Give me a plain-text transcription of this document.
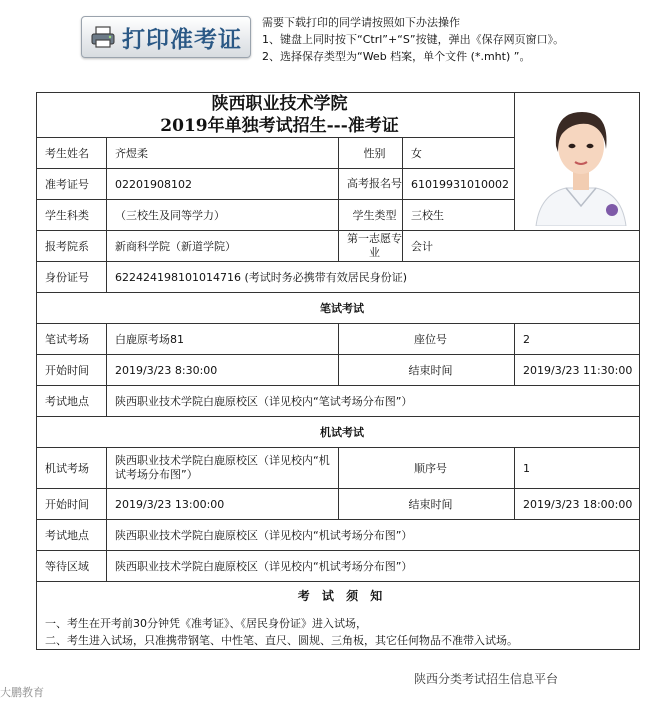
打印准考证
需要下载打印的同学请按照如下办法操作
1、键盘上同时按下“Ctrl”+“S”按键，弹出《保存网页窗口》。
2、选择保存类型为“Web 档案，单个文件 (*.mht) ”。
陕西职业技术学院
2019年单独考试招生---准考证

考生姓名	齐煜柔	性别	女	
准考证号	02201908102	高考报名号	61019931010002	
学生科类	（三校生及同等学力）	学生类型	三校生	
报考院系	新商科学院（新道学院）	第一志愿专业	会计	
身份证号	622424198101014716 (考试时务必携带有效居民身份证)			
笔试考试				
笔试考场	白鹿原考场81	座位号		2
开始时间	2019/3/23 8:30:00	结束时间		2019/3/23 11:30:00
考试地点	陕西职业技术学院白鹿原校区（详见校内“笔试考场分布图”）			
机试考试				
机试考场	陕西职业技术学院白鹿原校区（详见校内“机试考场分布图”）	顺序号		1
开始时间	2019/3/23 13:00:00	结束时间		2019/3/23 18:00:00
考试地点	陕西职业技术学院白鹿原校区（详见校内“机试考场分布图”）			
等待区域	陕西职业技术学院白鹿原校区（详见校内“机试考场分布图”）			

考 试 须 知
一、考生在开考前30分钟凭《准考证》、《居民身份证》进入试场，
二、考生进入试场，只准携带钢笔、中性笔、直尺、圆规、三角板，其它任何物品不准带入试场。				
陕西分类考试招生信息平台
大鹏教育
